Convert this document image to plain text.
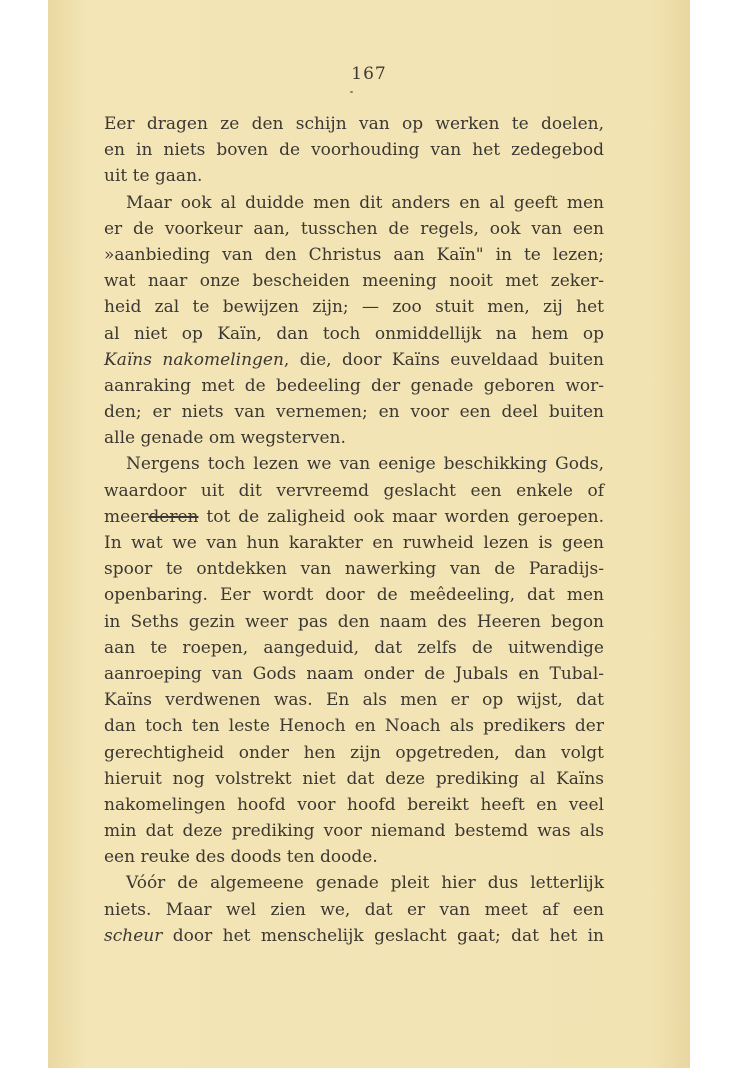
167
Eer dragen ze den schijn van op werken te doelen,
en in niets boven de voorhouding van het zedegebod
uit te gaan.
Maar ook al duidde men dit anders en al geeft men
er de voorkeur aan, tusschen de regels, ook van een
»aanbieding van den Christus aan Kaïn" in te lezen;
wat naar onze bescheiden meening nooit met zeker-
heid zal te bewijzen zijn; — zoo stuit men, zij het
al niet op Kaïn, dan toch onmiddellijk na hem op
Kaïns nakomelingen, die, door Kaïns euveldaad buiten
aanraking met de bedeeling der genade geboren wor-
den; er niets van vernemen; en voor een deel buiten
alle genade om wegsterven.
Nergens toch lezen we van eenige beschikking Gods,
waardoor uit dit vervreemd geslacht een enkele of
meerderen tot de zaligheid ook maar worden geroepen.
In wat we van hun karakter en ruwheid lezen is geen
spoor te ontdekken van nawerking van de Paradijs-
openbaring. Eer wordt door de meêdeeling, dat men
in Seths gezin weer pas den naam des Heeren begon
aan te roepen, aangeduid, dat zelfs de uitwendige
aanroeping van Gods naam onder de Jubals en Tubal-
Kaïns verdwenen was. En als men er op wijst, dat
dan toch ten leste Henoch en Noach als predikers der
gerechtigheid onder hen zijn opgetreden, dan volgt
hieruit nog volstrekt niet dat deze prediking al Kaïns
nakomelingen hoofd voor hoofd bereikt heeft en veel
min dat deze prediking voor niemand bestemd was als
een reuke des doods ten doode.
Vóór de algemeene genade pleit hier dus letterlijk
niets. Maar wel zien we, dat er van meet af een
scheur door het menschelijk geslacht gaat; dat het in
